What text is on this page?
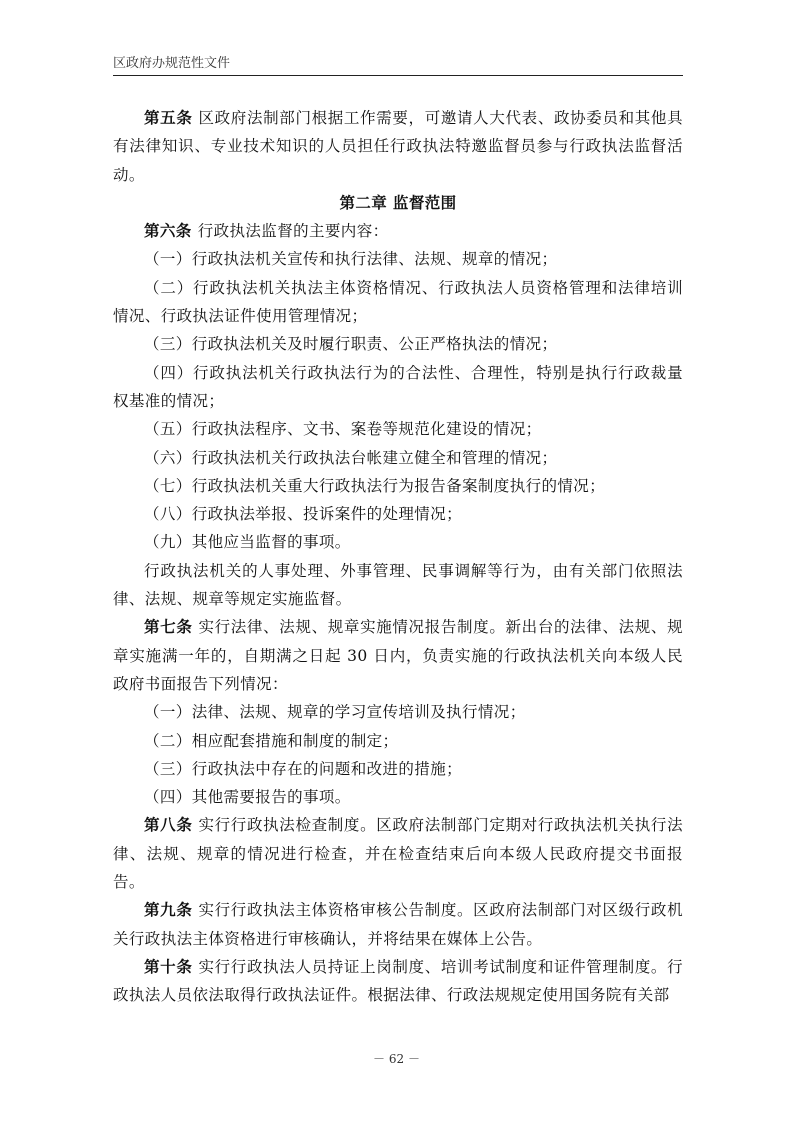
区政府办规范性文件

第五条 区政府法制部门根据工作需要，可邀请人大代表、政协委员和其他具有法律知识、专业技术知识的人员担任行政执法特邀监督员参与行政执法监督活动。

第二章 监督范围

第六条 行政执法监督的主要内容：

（一）行政执法机关宣传和执行法律、法规、规章的情况；

（二）行政执法机关执法主体资格情况、行政执法人员资格管理和法律培训情况、行政执法证件使用管理情况；

（三）行政执法机关及时履行职责、公正严格执法的情况；

（四）行政执法机关行政执法行为的合法性、合理性，特别是执行行政裁量权基准的情况；

（五）行政执法程序、文书、案卷等规范化建设的情况；

（六）行政执法机关行政执法台帐建立健全和管理的情况；

（七）行政执法机关重大行政执法行为报告备案制度执行的情况；

（八）行政执法举报、投诉案件的处理情况；

（九）其他应当监督的事项。

行政执法机关的人事处理、外事管理、民事调解等行为，由有关部门依照法律、法规、规章等规定实施监督。

第七条 实行法律、法规、规章实施情况报告制度。新出台的法律、法规、规章实施满一年的，自期满之日起 30 日内，负责实施的行政执法机关向本级人民政府书面报告下列情况：

（一）法律、法规、规章的学习宣传培训及执行情况；

（二）相应配套措施和制度的制定；

（三）行政执法中存在的问题和改进的措施；

（四）其他需要报告的事项。

第八条 实行行政执法检查制度。区政府法制部门定期对行政执法机关执行法律、法规、规章的情况进行检查，并在检查结束后向本级人民政府提交书面报告。

第九条 实行行政执法主体资格审核公告制度。区政府法制部门对区级行政机关行政执法主体资格进行审核确认，并将结果在媒体上公告。

第十条 实行行政执法人员持证上岗制度、培训考试制度和证件管理制度。行政执法人员依法取得行政执法证件。根据法律、行政法规规定使用国务院有关部

－ 62 －
